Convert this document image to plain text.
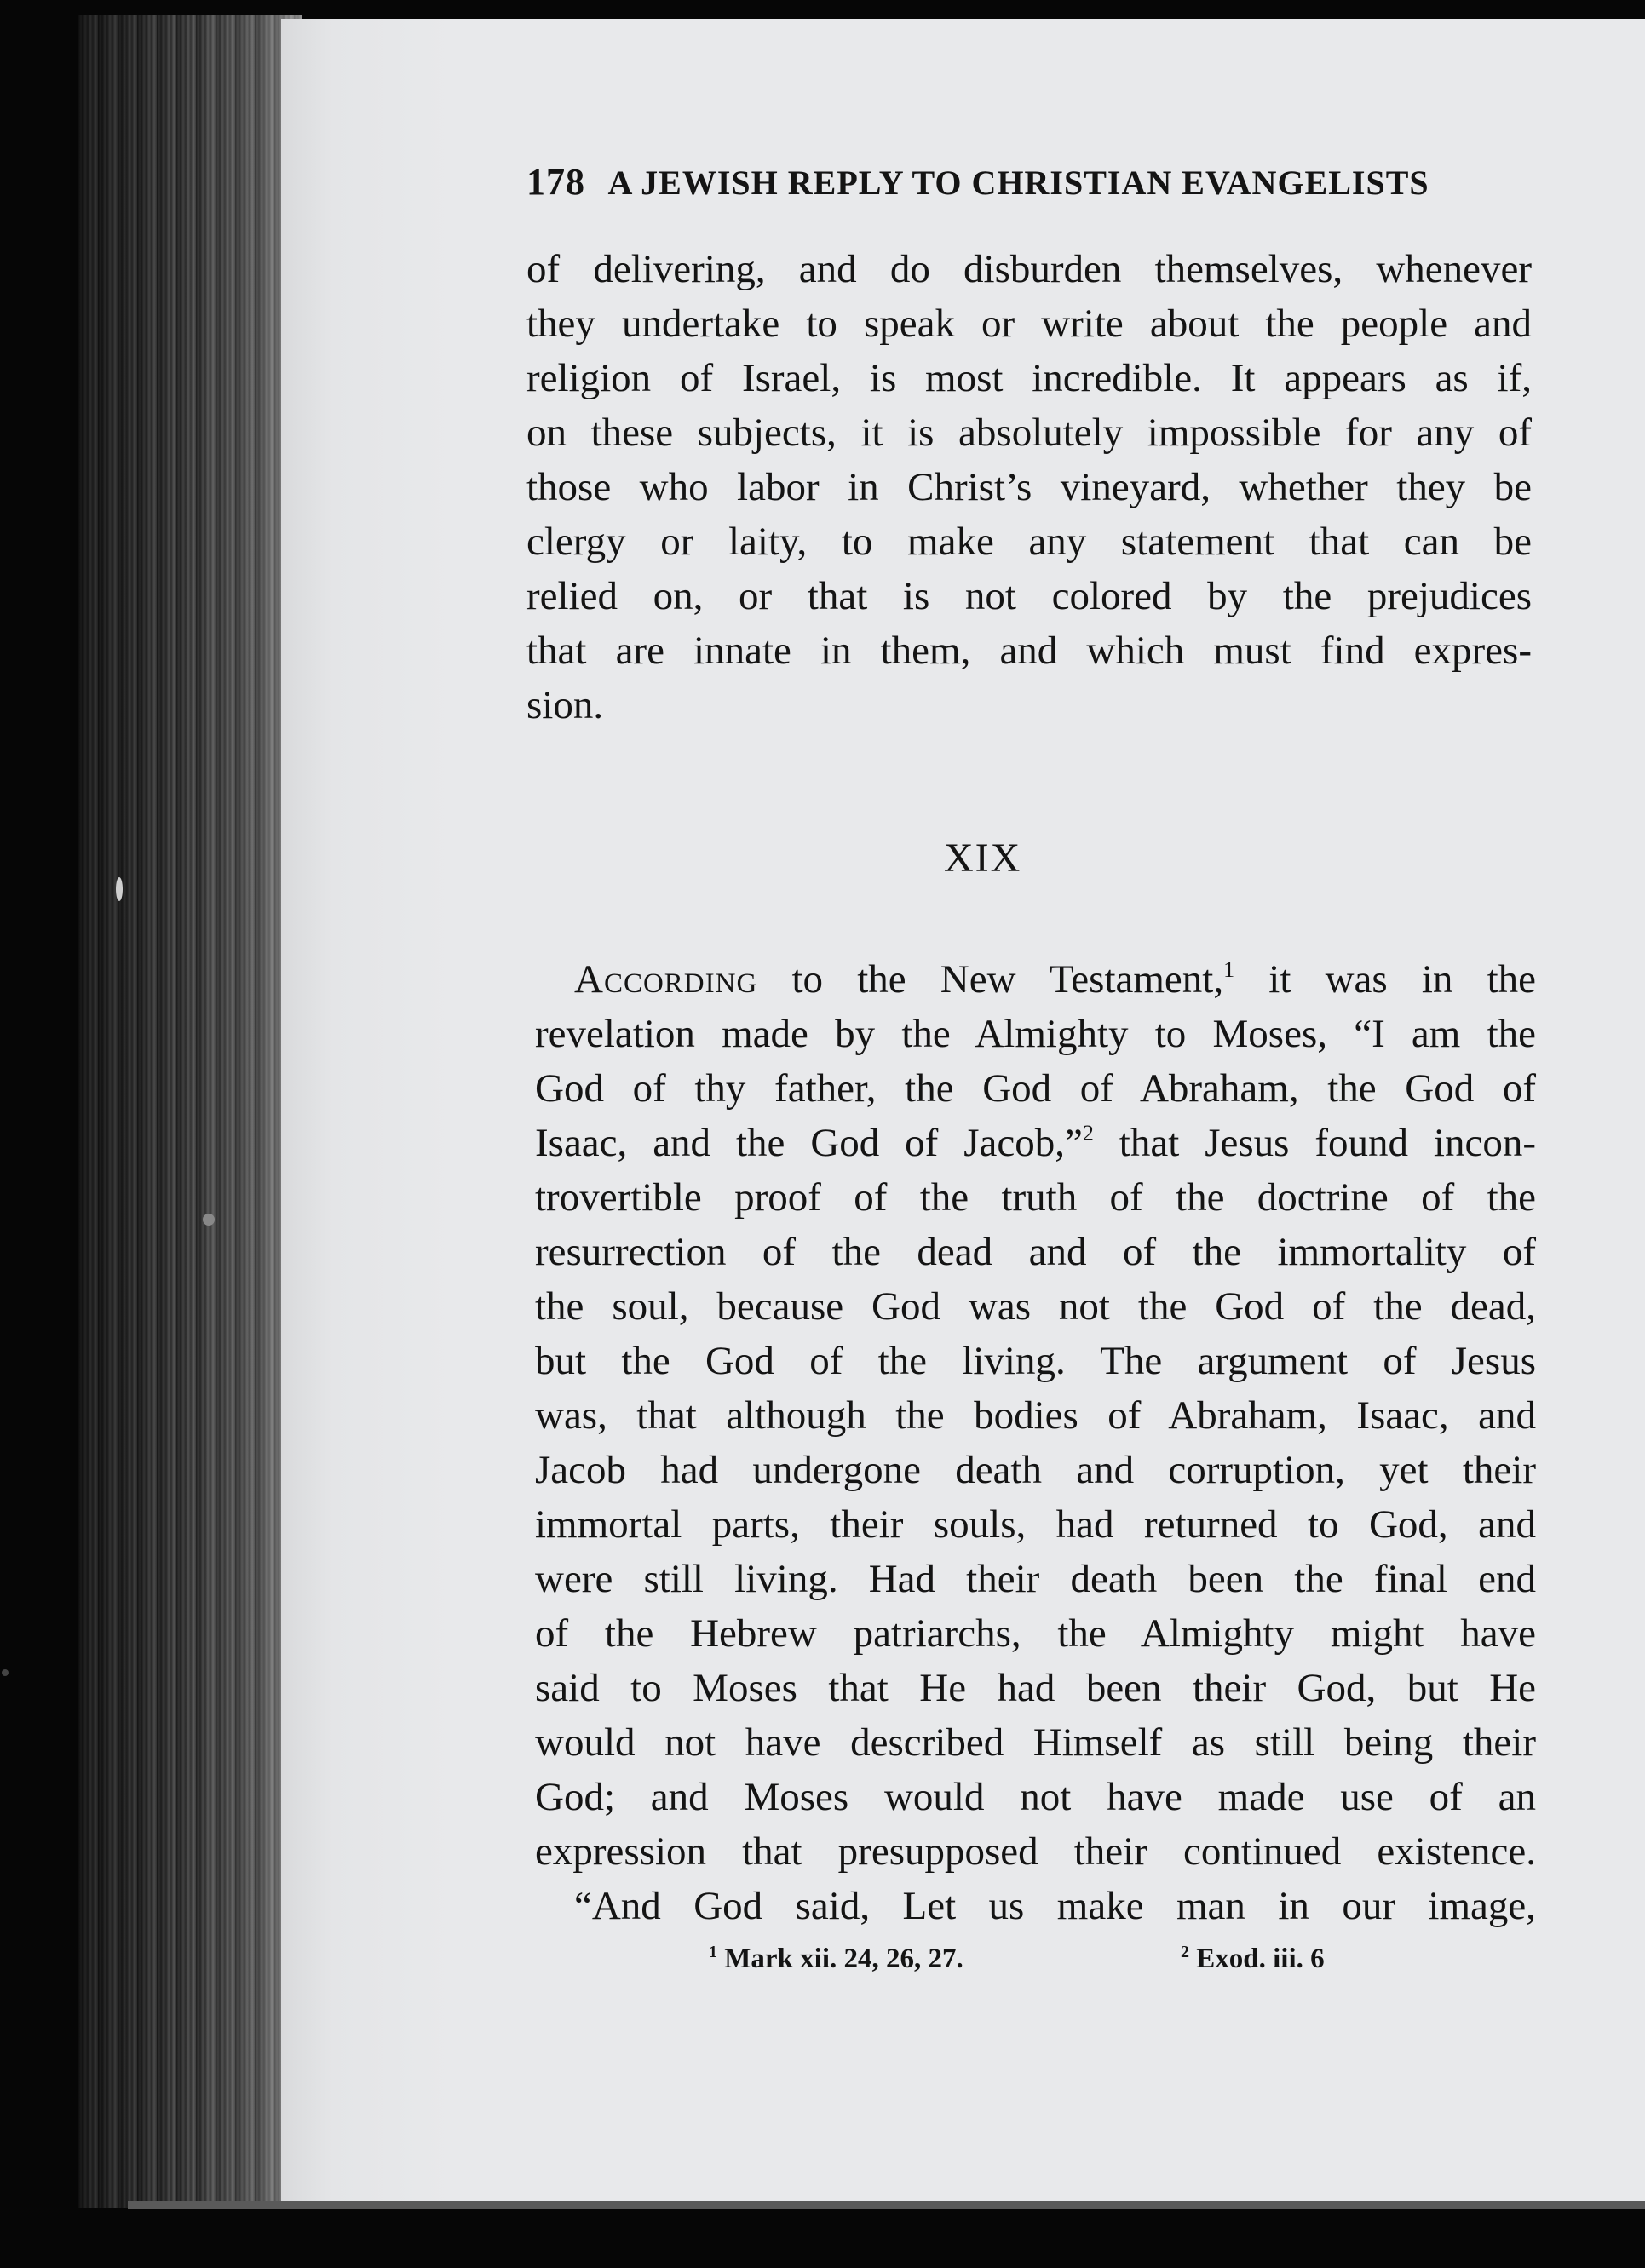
178 A JEWISH REPLY TO CHRISTIAN EVANGELISTS
of delivering, and do disburden themselves, whenever
they undertake to speak or write about the people and
religion of Israel, is most incredible. It appears as if,
on these subjects, it is absolutely impossible for any of
those who labor in Christ’s vineyard, whether they be
clergy or laity, to make any statement that can be
relied on, or that is not colored by the prejudices
that are innate in them, and which must find expres-
sion.
XIX
According to the New Testament,$^1$ it was in the
revelation made by the Almighty to Moses, “I am the
God of thy father, the God of Abraham, the God of
Isaac, and the God of Jacob,”$^2$ that Jesus found incon-
trovertible proof of the truth of the doctrine of the
resurrection of the dead and of the immortality of
the soul, because God was not the God of the dead,
but the God of the living. The argument of Jesus
was, that although the bodies of Abraham, Isaac, and
Jacob had undergone death and corruption, yet their
immortal parts, their souls, had returned to God, and
were still living. Had their death been the final end
of the Hebrew patriarchs, the Almighty might have
said to Moses that He had been their God, but He
would not have described Himself as still being their
God; and Moses would not have made use of an
expression that presupposed their continued existence.
“And God said, Let us make man in our image,
$^1$ Mark xii. 24, 26, 27.	$^2$ Exod. iii. 6
